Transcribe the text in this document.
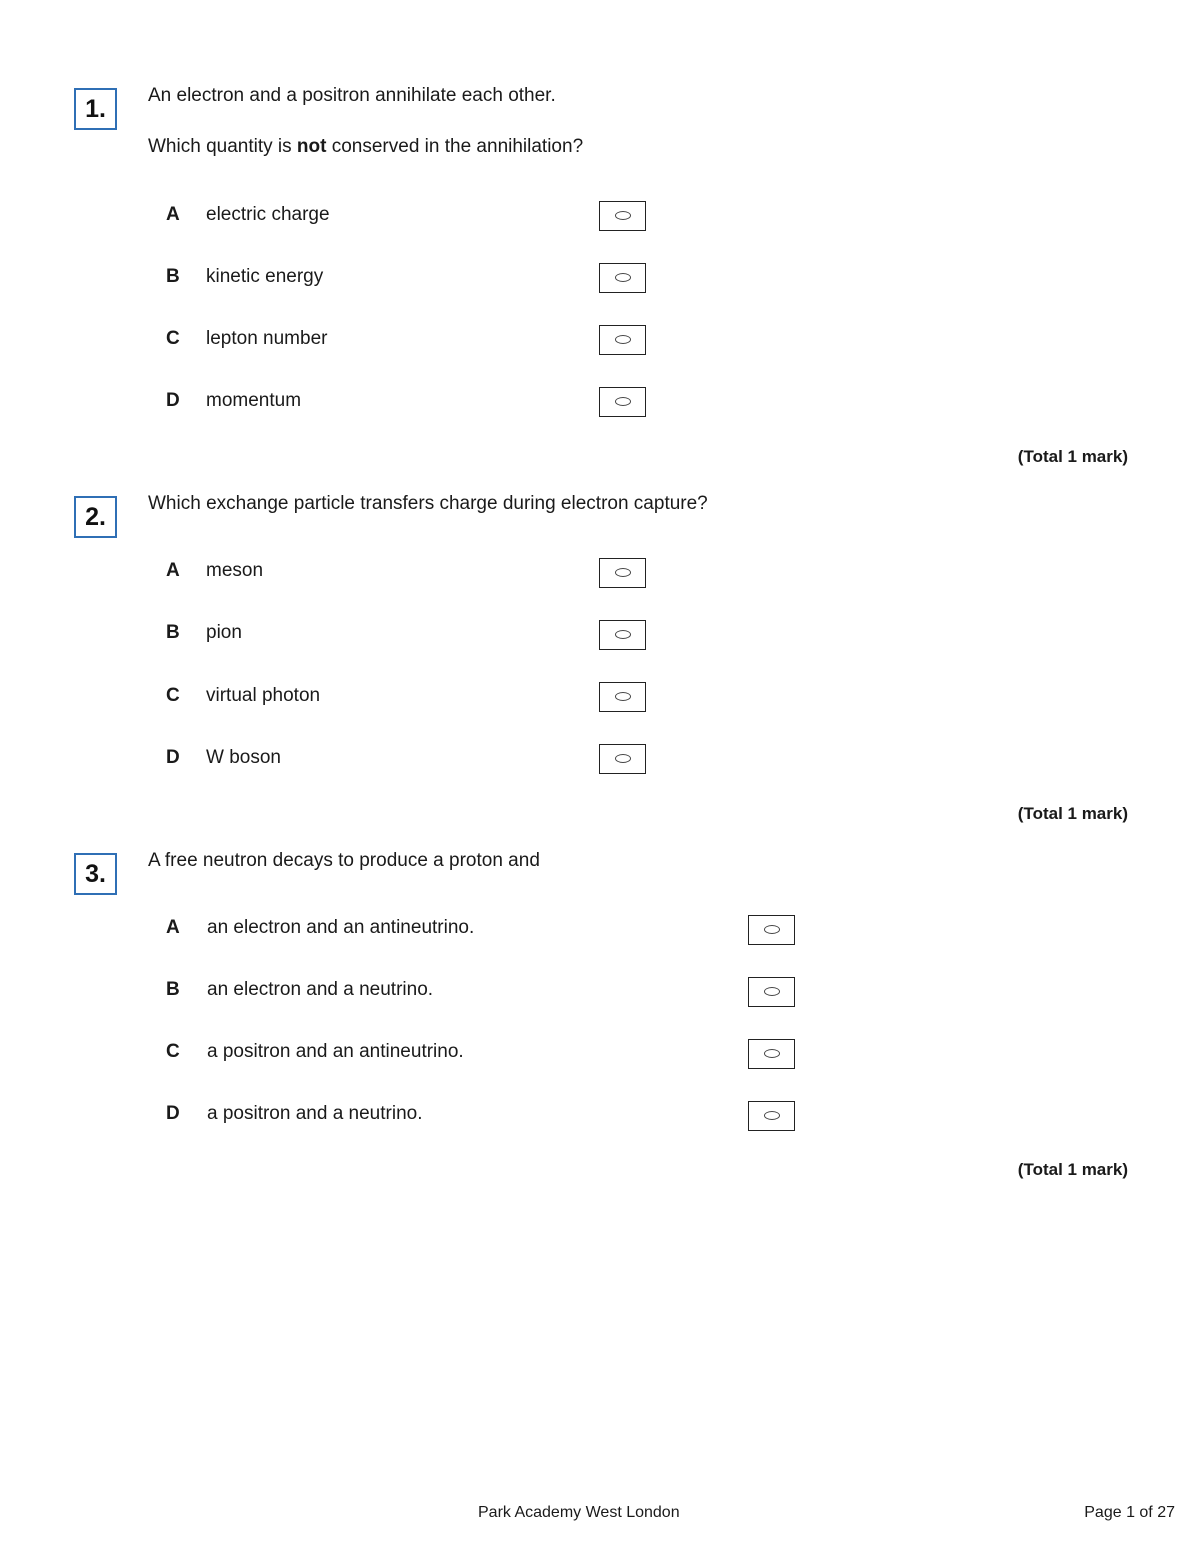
1.	An electron and a positron annihilate each other.
Which quantity is not conserved in the annihilation?
A electric charge
B kinetic energy
C lepton number
D momentum
(Total 1 mark)
2.	Which exchange particle transfers charge during electron capture?
A meson
B pion
C virtual photon
D W boson
(Total 1 mark)
3.	A free neutron decays to produce a proton and
A an electron and an antineutrino.
B an electron and a neutrino.
C a positron and an antineutrino.
D a positron and a neutrino.
(Total 1 mark)
Park Academy West London	Page 1 of 27
